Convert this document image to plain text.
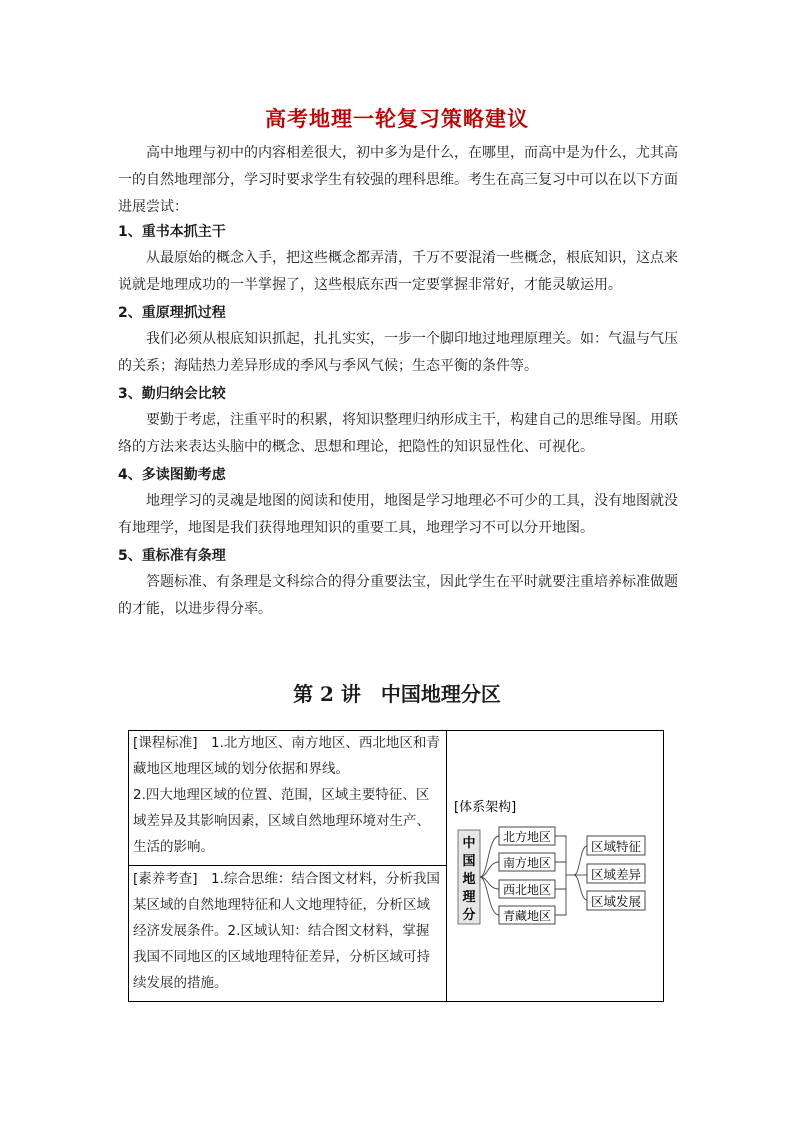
高考地理一轮复习策略建议

高中地理与初中的内容相差很大，初中多为是什么，在哪里，而高中是为什么，尤其高一的自然地理部分，学习时要求学生有较强的理科思维。考生在高三复习中可以在以下方面进展尝试：

1、重书本抓主干

从最原始的概念入手，把这些概念都弄清，千万不要混淆一些概念，根底知识，这点来说就是地理成功的一半掌握了，这些根底东西一定要掌握非常好，才能灵敏运用。

2、重原理抓过程

我们必须从根底知识抓起，扎扎实实，一步一个脚印地过地理原理关。如：气温与气压的关系；海陆热力差异形成的季风与季风气候；生态平衡的条件等。

3、勤归纳会比较

要勤于考虑，注重平时的积累，将知识整理归纳形成主干，构建自己的思维导图。用联络的方法来表达头脑中的概念、思想和理论，把隐性的知识显性化、可视化。

4、多读图勤考虑

地理学习的灵魂是地图的阅读和使用，地图是学习地理必不可少的工具，没有地图就没有地理学，地图是我们获得地理知识的重要工具，地理学习不可以分开地图。

5、重标准有条理

答题标准、有条理是文科综合的得分重要法宝，因此学生在平时就要注重培养标准做题的才能，以进步得分率。

第 2 讲　中国地理分区

[课程标准]　1.北方地区、南方地区、西北地区和青藏地区地理区域的划分依据和界线。

2.四大地理区域的位置、范围，区域主要特征、区域差异及其影响因素，区域自然地理环境对生产、生活的影响。

[素养考查]　1.综合思维：结合图文材料，分析我国某区域的自然地理特征和人文地理特征，分析区域经济发展条件。2.区域认知：结合图文材料，掌握我国不同地区的区域地理特征差异，分析区域可持续发展的措施。

[体系架构]
中
国
地
理
分
北方地区
南方地区
西北地区
青藏地区
区域特征
区域差异
区域发展
